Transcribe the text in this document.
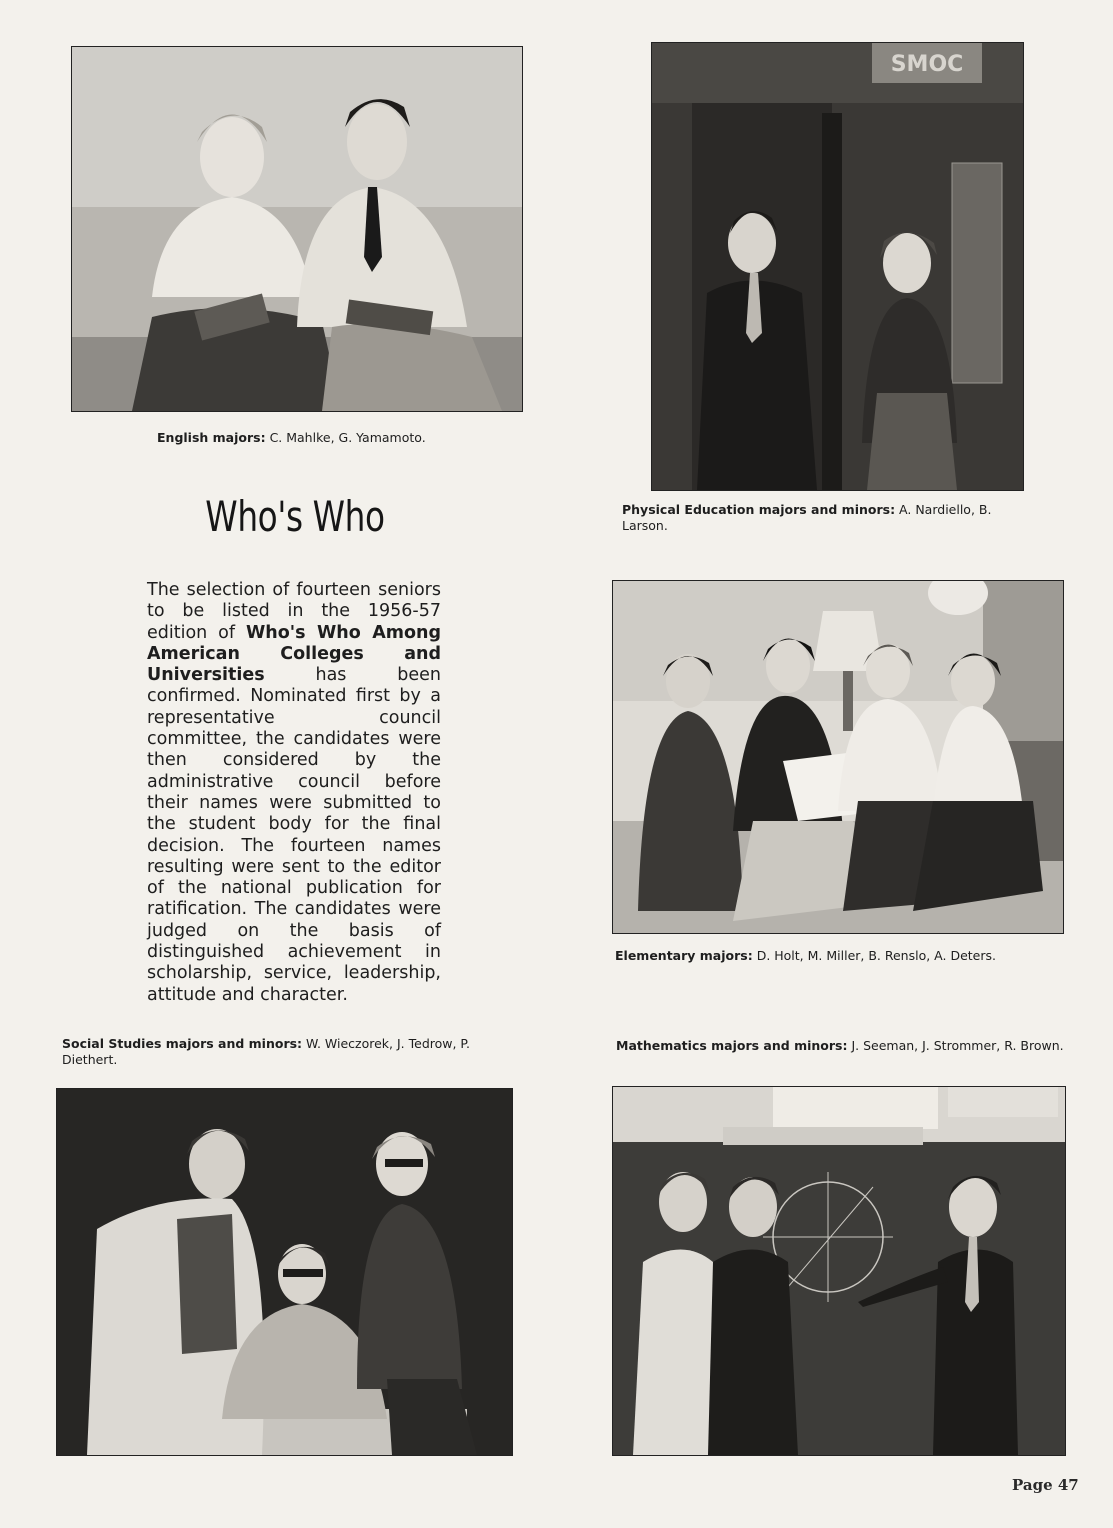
English majors: C. Mahlke, G. Yamamoto.
SMOC
Physical Education majors and minors: A. Nardiello, B. Larson.
Who's Who
The selection of fourteen seniors to be listed in the 1956-57 edition of Who's Who Among American Colleges and Universities has been confirmed. Nominated first by a representative council committee, the candidates were then considered by the administrative council before their names were submitted to the student body for the final decision. The fourteen names resulting were sent to the editor of the national publication for ratification. The candidates were judged on the basis of distinguished achievement in scholarship, service, leadership, attitude and character.
Elementary majors: D. Holt, M. Miller, B. Renslo, A. Deters.
Social Studies majors and minors: W. Wieczorek, J. Tedrow, P. Diethert.
Mathematics majors and minors: J. Seeman, J. Strommer, R. Brown.
Page 47
